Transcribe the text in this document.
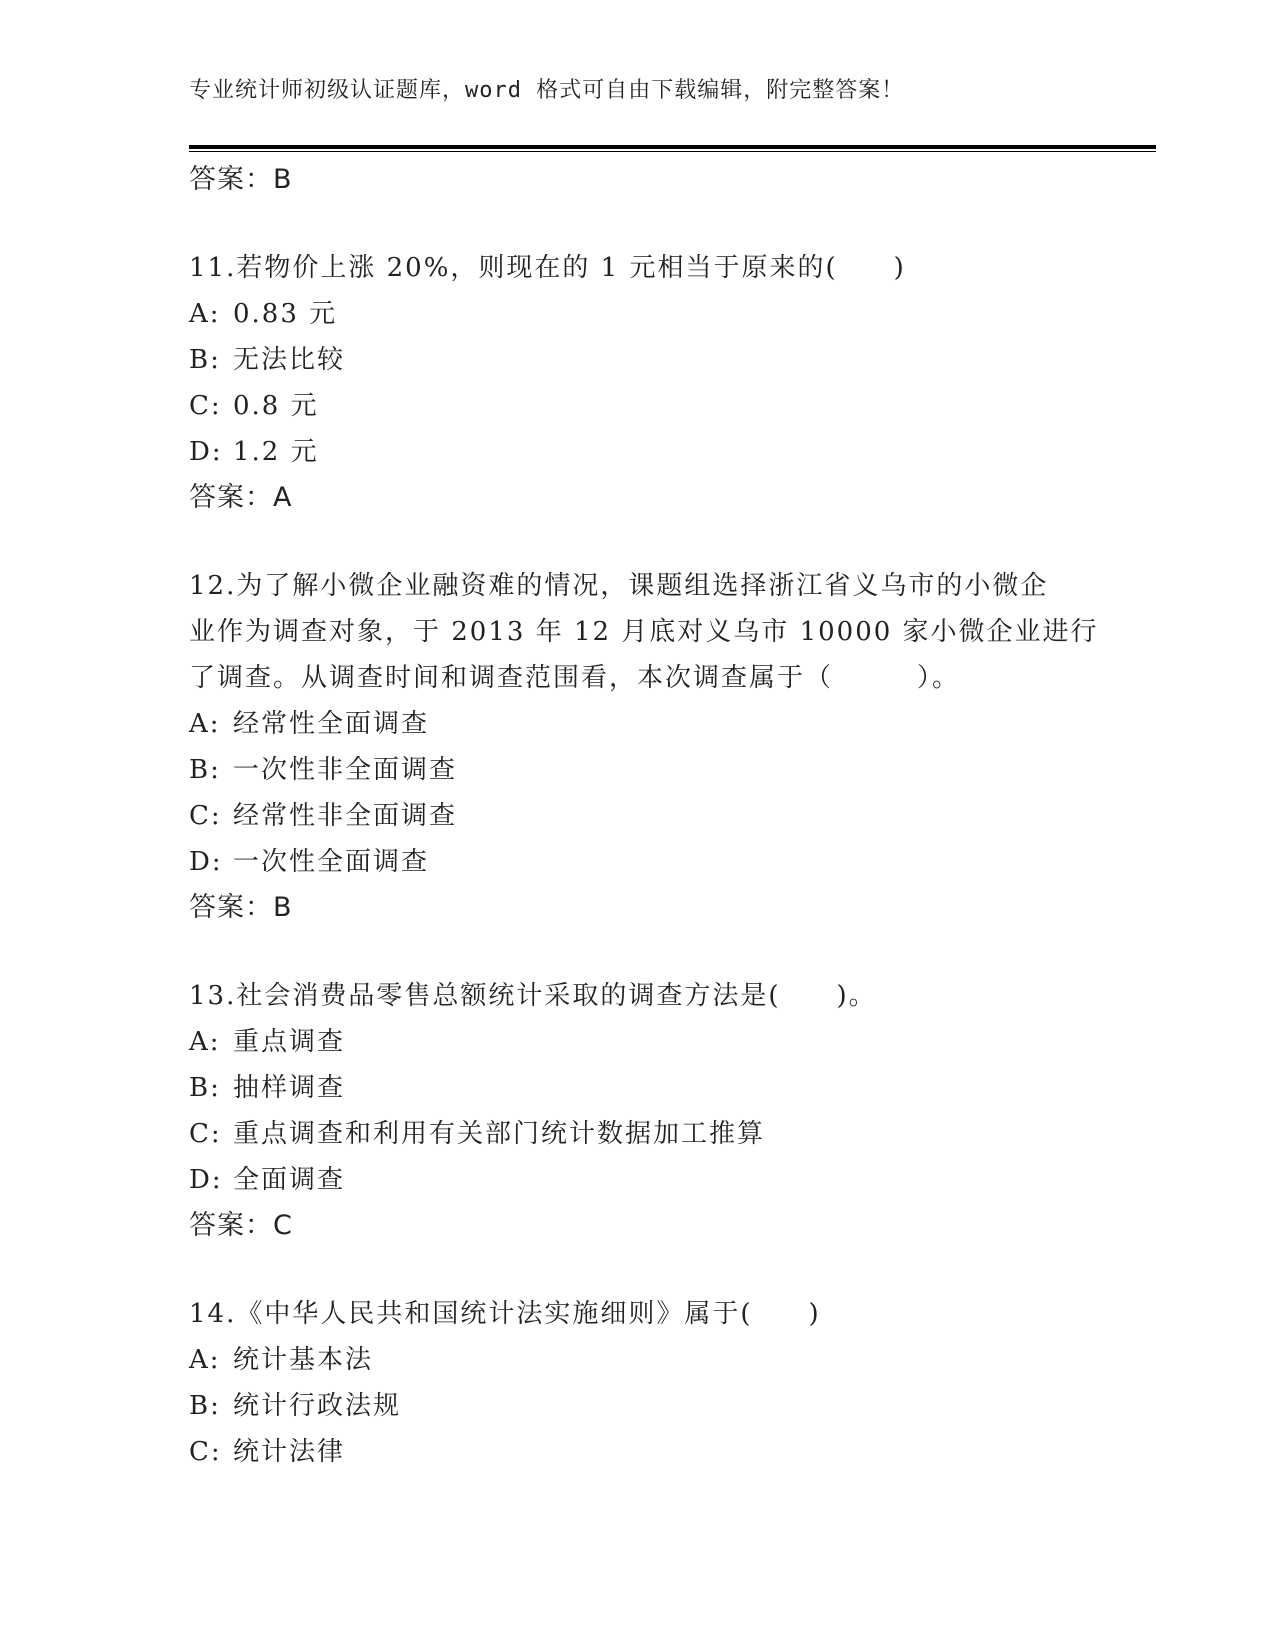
专业统计师初级认证题库，word 格式可自由下载编辑，附完整答案！
答案：B
11.若物价上涨 20%，则现在的 1 元相当于原来的(　　)
A: 0.83 元
B: 无法比较
C: 0.8 元
D: 1.2 元
答案：A
12.为了解小微企业融资难的情况，课题组选择浙江省义乌市的小微企
业作为调查对象，于 2013 年 12 月底对义乌市 10000 家小微企业进行
了调查。从调查时间和调查范围看，本次调查属于（　　　）。
A: 经常性全面调查
B: 一次性非全面调查
C: 经常性非全面调查
D: 一次性全面调查
答案：B
13.社会消费品零售总额统计采取的调查方法是(　　)。
A: 重点调查
B: 抽样调查
C: 重点调查和利用有关部门统计数据加工推算
D: 全面调查
答案：C
14.《中华人民共和国统计法实施细则》属于(　　)
A: 统计基本法
B: 统计行政法规
C: 统计法律
